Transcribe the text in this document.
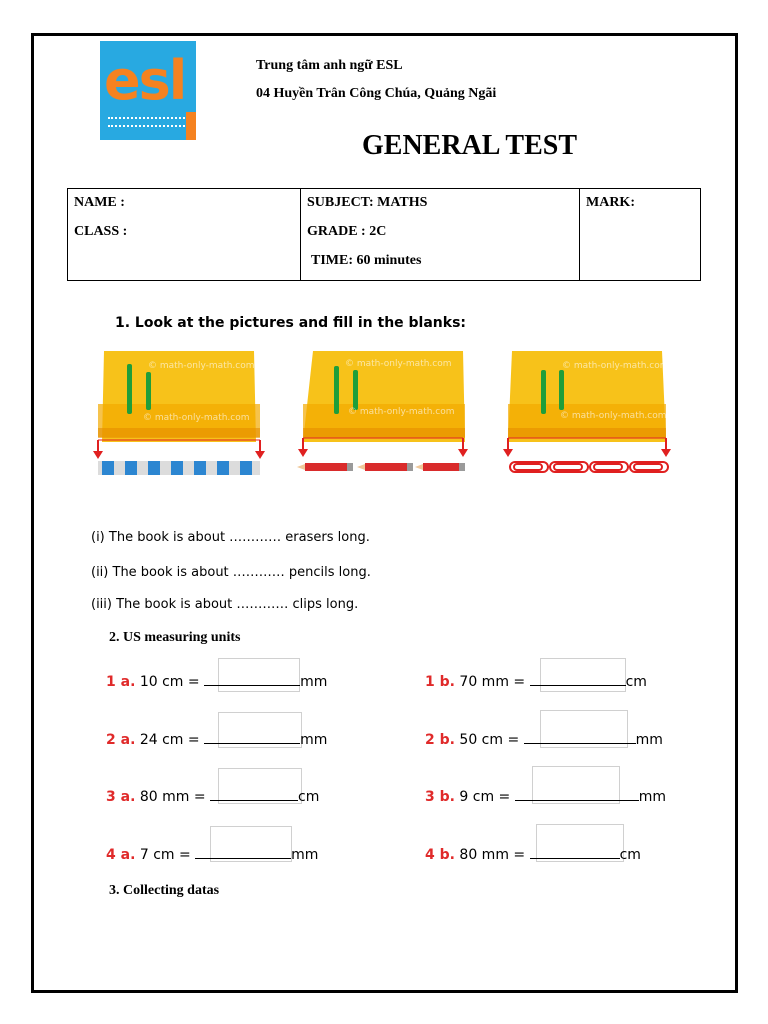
esl	Trung tâm anh ngữ ESL
04 Huyền Trân Công Chúa, Quảng Ngãi
GENERAL TEST
NAME :
CLASS :

SUBJECT: MATHS
GRADE : 2C
TIME: 60 minutes

MARK:
1. Look at the pictures and fill in the blanks:
© math-only-math.com
© math-only-math.com
© math-only-math.com
© math-only-math.com
© math-only-math.com
© math-only-math.com
(i) The book is about ………… erasers long.
(ii) The book is about ………… pencils long.
(iii) The book is about ………… clips long.
2. US measuring units
1 a. 10 cm =	mm	1 b. 70 mm =	cm
2 a. 24 cm =	mm	2 b. 50 cm =	mm
3 a. 80 mm =	cm	3 b. 9 cm =	mm
4 a. 7 cm =	mm	4 b. 80 mm =	cm
3. Collecting datas
